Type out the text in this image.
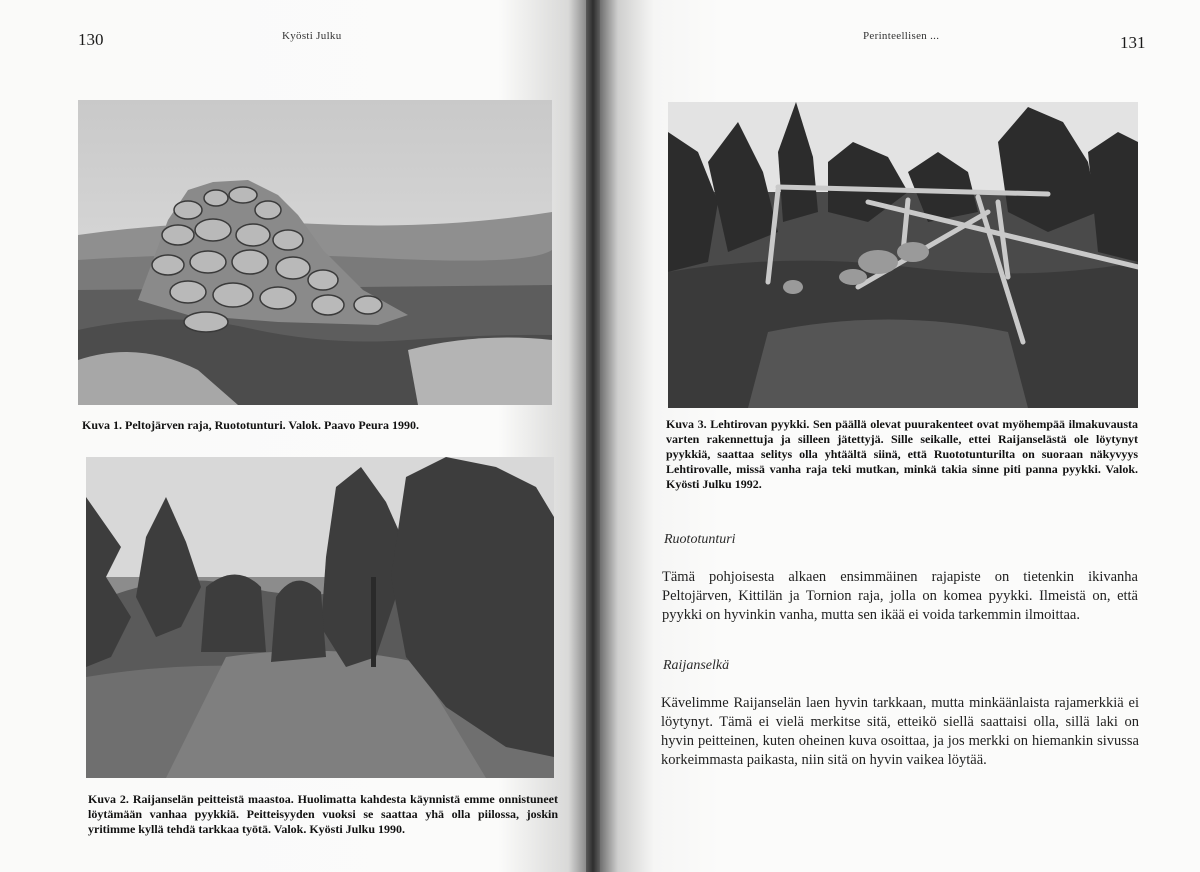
130	Kyösti Julku
Kuva 1. Peltojärven raja, Ruototunturi. Valok. Paavo Peura 1990.
Kuva 2. Raijanselän peitteistä maastoa. Huolimatta kahdesta käynnistä emme onnistuneet löytämään vanhaa pyykkiä. Peitteisyyden vuoksi se saattaa yhä olla piilossa, joskin yritimme kyllä tehdä tarkkaa työtä. Valok. Kyösti Julku 1990.
Perinteellisen ...	131
Kuva 3. Lehtirovan pyykki. Sen päällä olevat puurakenteet ovat myöhempää ilmakuvausta varten rakennettuja ja silleen jätettyjä. Sille seikalle, ettei Raijanselästä ole löytynyt pyykkiä, saattaa selitys olla yhtäältä siinä, että Ruototunturilta on suoraan näkyvyys Lehtirovalle, missä vanha raja teki mutkan, minkä takia sinne piti panna pyykki. Valok. Kyösti Julku 1992.
Ruototunturi
Tämä pohjoisesta alkaen ensimmäinen rajapiste on tietenkin ikivanha Peltojärven, Kittilän ja Tornion raja, jolla on komea pyykki. Ilmeistä on, että pyykki on hyvinkin vanha, mutta sen ikää ei voida tarkemmin ilmoittaa.
Raijanselkä
Kävelimme Raijanselän laen hyvin tarkkaan, mutta minkäänlaista rajamerkkiä ei löytynyt. Tämä ei vielä merkitse sitä, etteikö siellä saattaisi olla, sillä laki on hyvin peitteinen, kuten oheinen kuva osoittaa, ja jos merkki on hiemankin sivussa korkeimmasta paikasta, niin sitä on hyvin vaikea löytää.
